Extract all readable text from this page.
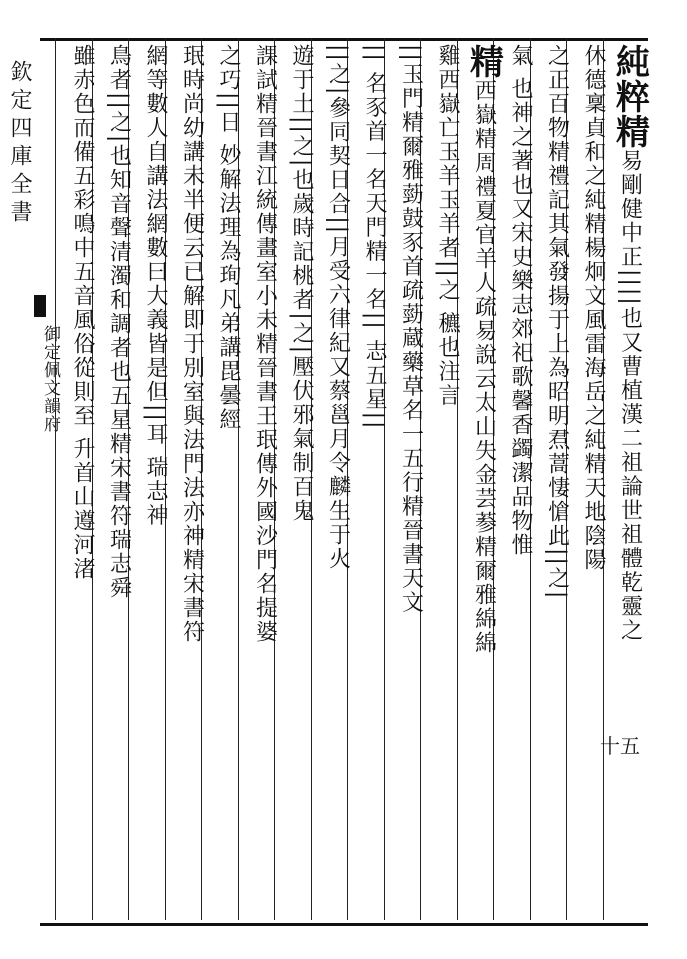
欽定四庫全書
御定佩文韻府
純粹精易剛健中正||||也又曹植漢二祖論世祖體乾靈之
休德稟貞和之純精楊炯文風雷海岳之純精天地陰陽
之正百物精禮記其氣發揚于上為昭明焄蒿悽愴此||之|
氣 也神之著也又宋史樂志郊祀歌馨香蠲潔品物惟
精西嶽精周禮夏官羊人疏易說云太山失金芸𦲞精爾雅綿綿
雞西嶽亡玉羊玉羊者||之 穮也注言
||玉門精爾雅葝鼓豕首疏葝蔵藥草名一五行精晉書天文
|| 名豕首一名天門精一名|| 志五星||
||之|參同契日合||月受六律紀又蔡邕月令麟生于火
遊于土||之|也歲時記桃者|之|壓伏邪氣制百鬼
課試精晉書江統傳畫室小未精晉書王珉傳外國沙門名提婆
之巧||日 妙解法理為珣凡弟講毘曇經
珉時尚幼講未半便云已解即于別室與法門法亦神精宋書符
網等數人自講法網數曰大義皆是但||耳 瑞志神
鳥者||之|也知音聲清濁和調者也五星精宋書符瑞志舜
雖赤色而備五彩鳴中五音風俗從則至 升首山遵河渚
十五
